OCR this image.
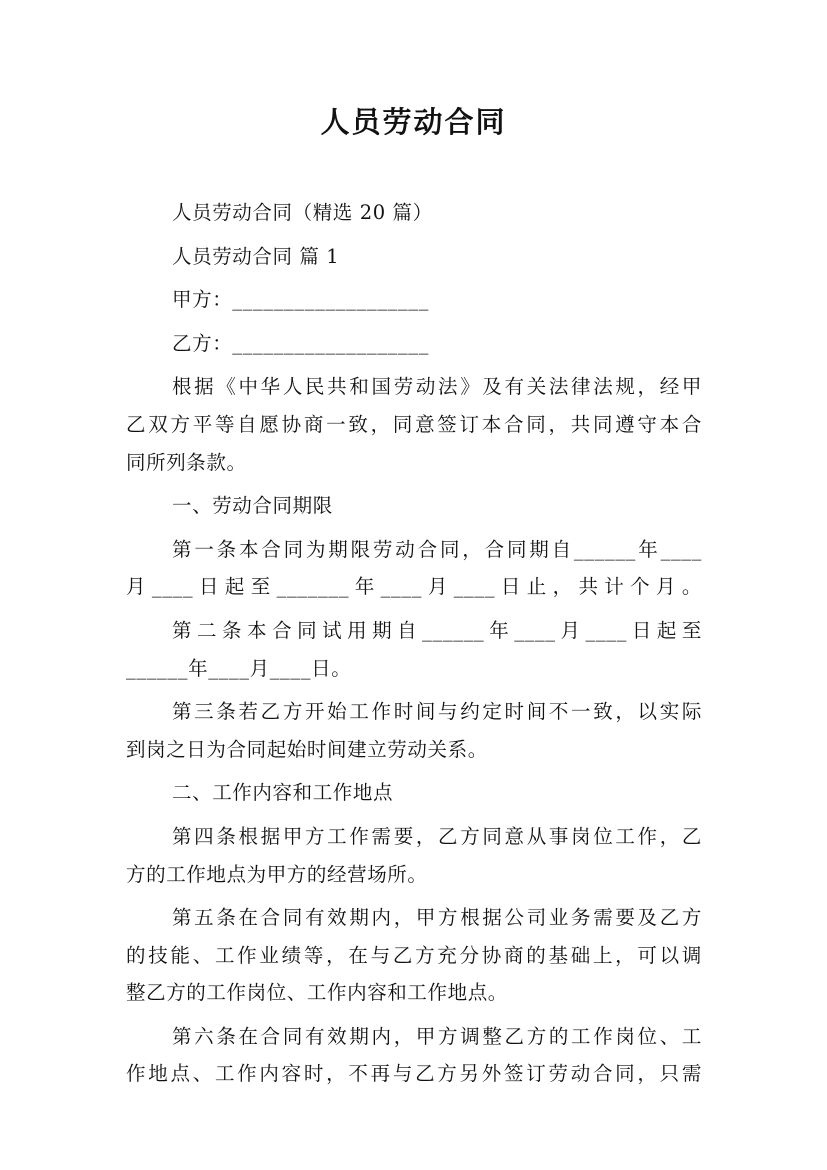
人员劳动合同
人员劳动合同（精选 20 篇）
人员劳动合同 篇 1
甲方：___________________
乙方：___________________
根据《中华人民共和国劳动法》及有关法律法规，经甲
乙双方平等自愿协商一致，同意签订本合同，共同遵守本合
同所列条款。
一、劳动合同期限
第一条本合同为期限劳动合同，合同期自______年____
月____日起至_______年____月____日止，共计个月。
第二条本合同试用期自______年____月____日起至
______年____月____日。
第三条若乙方开始工作时间与约定时间不一致，以实际
到岗之日为合同起始时间建立劳动关系。
二、工作内容和工作地点
第四条根据甲方工作需要，乙方同意从事岗位工作，乙
方的工作地点为甲方的经营场所。
第五条在合同有效期内，甲方根据公司业务需要及乙方
的技能、工作业绩等，在与乙方充分协商的基础上，可以调
整乙方的工作岗位、工作内容和工作地点。
第六条在合同有效期内，甲方调整乙方的工作岗位、工
作地点、工作内容时，不再与乙方另外签订劳动合同，只需
